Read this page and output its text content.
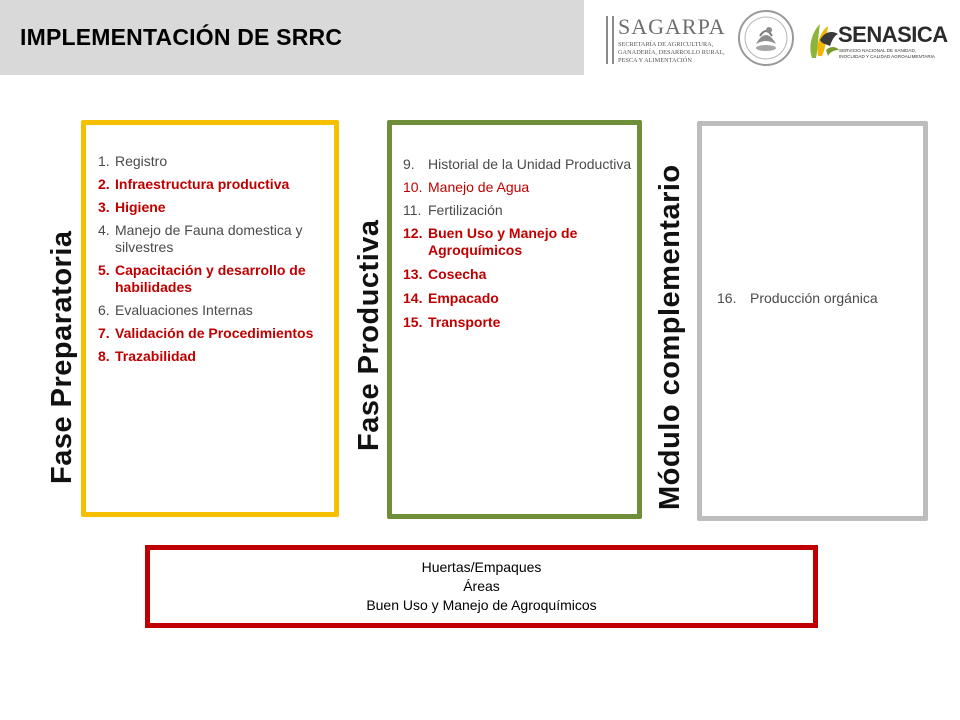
IMPLEMENTACIÓN DE SRRC	SAGARPA
SECRETARÍA DE AGRICULTURA,
GANADERÍA, DESARROLLO RURAL,
PESCA Y ALIMENTACIÓN
SENASICA
SERVICIO NACIONAL DE SANIDAD,
INOCUIDAD Y CALIDAD AGROALIMENTARIA
Fase Preparatoria
1. Registro
2. Infraestructura productiva
3. Higiene
4. Manejo de Fauna domestica y silvestres
5. Capacitación y desarrollo de habilidades
6. Evaluaciones Internas
7. Validación de Procedimientos
8. Trazabilidad	Fase Productiva
9. Historial de la Unidad Productiva
10. Manejo de Agua
11. Fertilización
12. Buen Uso y Manejo de Agroquímicos
13. Cosecha
14. Empacado
15. Transporte	Módulo complementario 16. Producción orgánica
Huertas/Empaques
Áreas
Buen Uso y Manejo de Agroquímicos
